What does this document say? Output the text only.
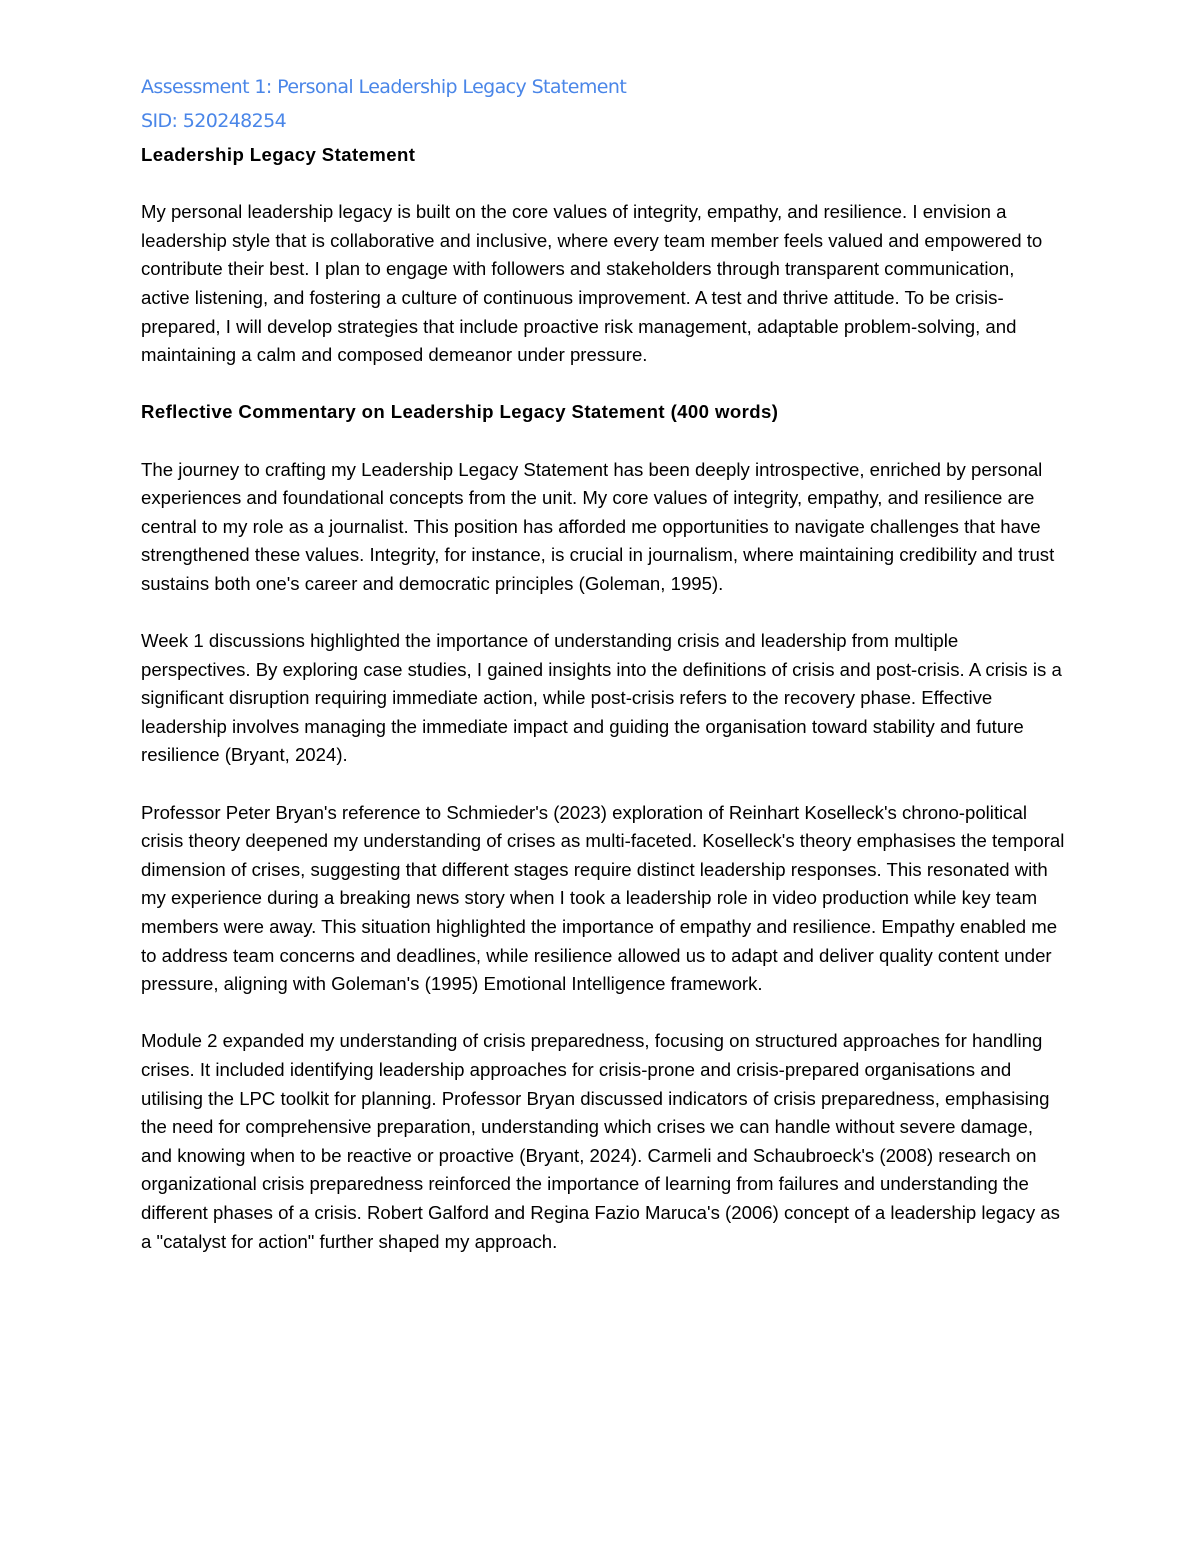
Assessment 1: Personal Leadership Legacy Statement

SID: 520248254

Leadership Legacy Statement

My personal leadership legacy is built on the core values of integrity, empathy, and resilience. I envision a leadership style that is collaborative and inclusive, where every team member feels valued and empowered to contribute their best. I plan to engage with followers and stakeholders through transparent communication, active listening, and fostering a culture of continuous improvement. A test and thrive attitude. To be crisis-prepared, I will develop strategies that include proactive risk management, adaptable problem-solving, and maintaining a calm and composed demeanor under pressure.

Reflective Commentary on Leadership Legacy Statement (400 words)

The journey to crafting my Leadership Legacy Statement has been deeply introspective, enriched by personal experiences and foundational concepts from the unit. My core values of integrity, empathy, and resilience are central to my role as a journalist. This position has afforded me opportunities to navigate challenges that have strengthened these values. Integrity, for instance, is crucial in journalism, where maintaining credibility and trust sustains both one's career and democratic principles (Goleman, 1995).

Week 1 discussions highlighted the importance of understanding crisis and leadership from multiple perspectives. By exploring case studies, I gained insights into the definitions of crisis and post-crisis. A crisis is a significant disruption requiring immediate action, while post-crisis refers to the recovery phase. Effective leadership involves managing the immediate impact and guiding the organisation toward stability and future resilience (Bryant, 2024).

Professor Peter Bryan's reference to Schmieder's (2023) exploration of Reinhart Koselleck's chrono-political crisis theory deepened my understanding of crises as multi-faceted. Koselleck's theory emphasises the temporal dimension of crises, suggesting that different stages require distinct leadership responses. This resonated with my experience during a breaking news story when I took a leadership role in video production while key team members were away. This situation highlighted the importance of empathy and resilience. Empathy enabled me to address team concerns and deadlines, while resilience allowed us to adapt and deliver quality content under pressure, aligning with Goleman's (1995) Emotional Intelligence framework.

Module 2 expanded my understanding of crisis preparedness, focusing on structured approaches for handling crises. It included identifying leadership approaches for crisis-prone and crisis-prepared organisations and utilising the LPC toolkit for planning. Professor Bryan discussed indicators of crisis preparedness, emphasising the need for comprehensive preparation, understanding which crises we can handle without severe damage, and knowing when to be reactive or proactive (Bryant, 2024). Carmeli and Schaubroeck's (2008) research on organizational crisis preparedness reinforced the importance of learning from failures and understanding the different phases of a crisis. Robert Galford and Regina Fazio Maruca's (2006) concept of a leadership legacy as a "catalyst for action" further shaped my approach.
